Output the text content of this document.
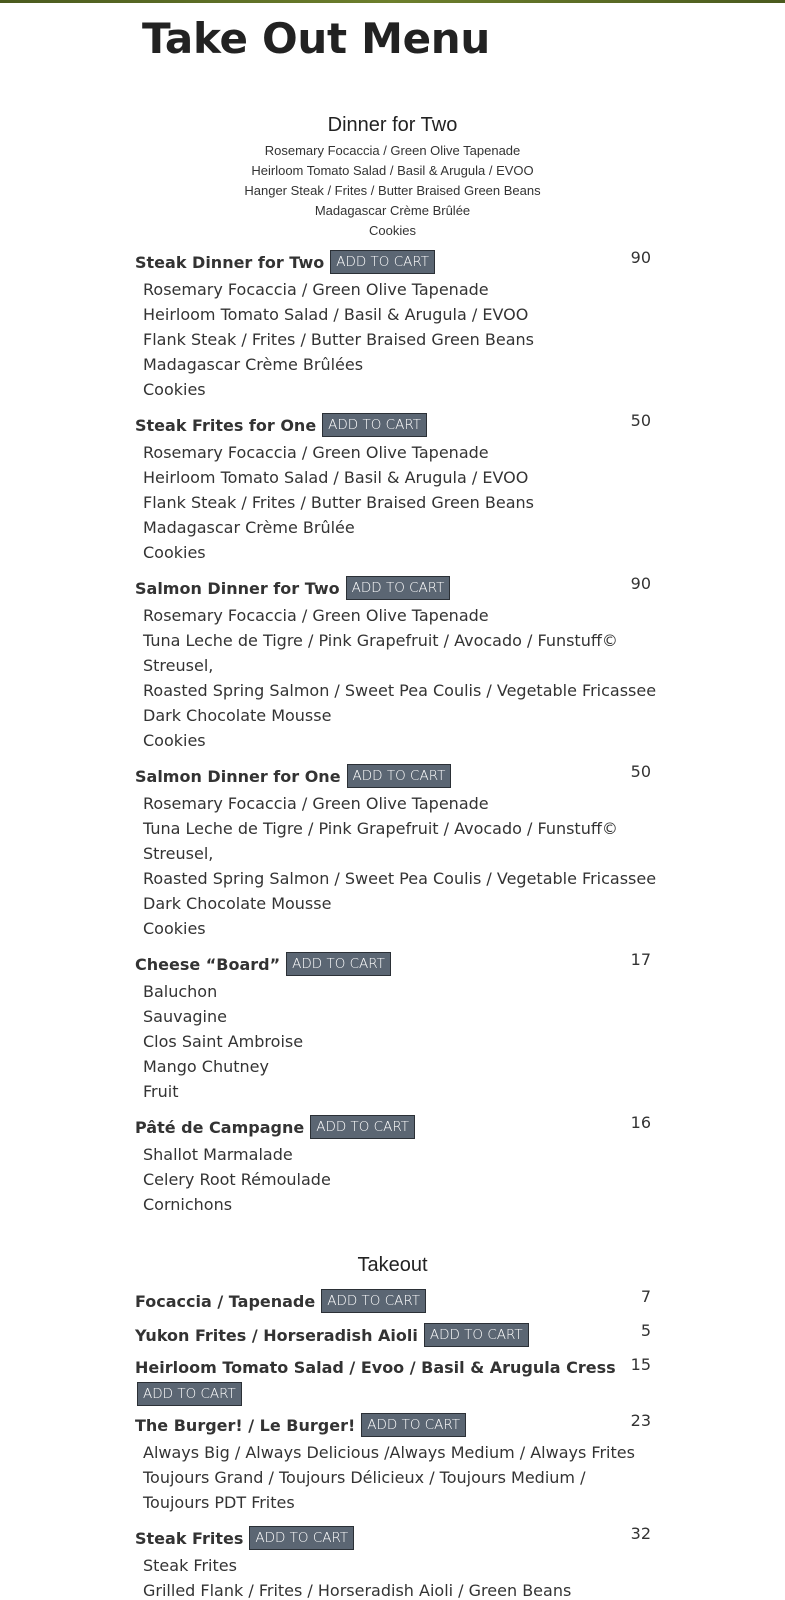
Take Out Menu
Dinner for Two
Rosemary Focaccia / Green Olive Tapenade
Heirloom Tomato Salad / Basil & Arugula / EVOO
Hanger Steak / Frites / Butter Braised Green Beans
Madagascar Crème Brûlée
Cookies
Steak Dinner for Two ADD TO CART	90
Rosemary Focaccia / Green Olive Tapenade
Heirloom Tomato Salad / Basil & Arugula / EVOO
Flank Steak / Frites / Butter Braised Green Beans
Madagascar Crème Brûlées
Cookies
Steak Frites for One ADD TO CART	50
Rosemary Focaccia / Green Olive Tapenade
Heirloom Tomato Salad / Basil & Arugula / EVOO
Flank Steak / Frites / Butter Braised Green Beans
Madagascar Crème Brûlée
Cookies
Salmon Dinner for Two ADD TO CART	90
Rosemary Focaccia / Green Olive Tapenade
Tuna Leche de Tigre / Pink Grapefruit / Avocado / Funstuff©
Streusel,
Roasted Spring Salmon / Sweet Pea Coulis / Vegetable Fricassee
Dark Chocolate Mousse
Cookies
Salmon Dinner for One ADD TO CART	50
Rosemary Focaccia / Green Olive Tapenade
Tuna Leche de Tigre / Pink Grapefruit / Avocado / Funstuff©
Streusel,
Roasted Spring Salmon / Sweet Pea Coulis / Vegetable Fricassee
Dark Chocolate Mousse
Cookies
Cheese “Board” ADD TO CART	17
Baluchon
Sauvagine
Clos Saint Ambroise
Mango Chutney
Fruit
Pâté de Campagne ADD TO CART	16
Shallot Marmalade
Celery Root Rémoulade
Cornichons
Takeout
Focaccia / Tapenade ADD TO CART	7
Yukon Frites / Horseradish Aioli ADD TO CART	5
Heirloom Tomato Salad / Evoo / Basil & Arugula Cress
ADD TO CART
15
The Burger! / Le Burger! ADD TO CART	23
Always Big / Always Delicious /Always Medium / Always Frites
Toujours Grand / Toujours Délicieux / Toujours Medium /
Toujours PDT Frites
Steak Frites ADD TO CART	32
Steak Frites
Grilled Flank / Frites / Horseradish Aioli / Green Beans
